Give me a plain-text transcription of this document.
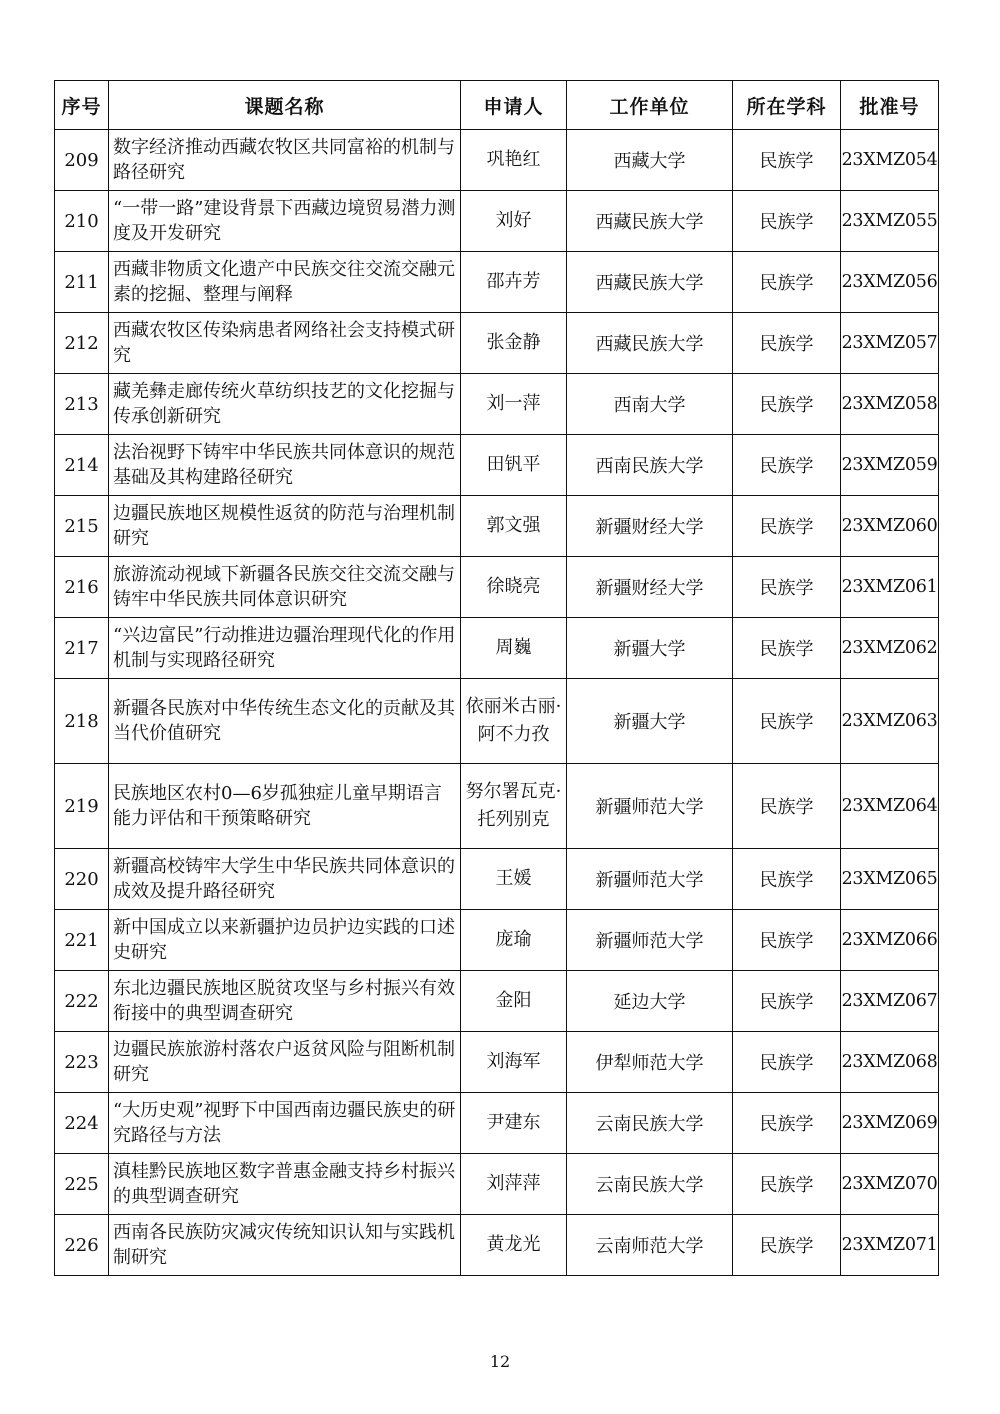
序号	课题名称	申请人	工作单位	所在学科	批准号
209	数字经济推动西藏农牧区共同富裕的机制与路径研究	巩艳红	西藏大学	民族学	23XMZ054
210	“一带一路”建设背景下西藏边境贸易潜力测度及开发研究	刘好	西藏民族大学	民族学	23XMZ055
211	西藏非物质文化遗产中民族交往交流交融元素的挖掘、整理与阐释	邵卉芳	西藏民族大学	民族学	23XMZ056
212	西藏农牧区传染病患者网络社会支持模式研究	张金静	西藏民族大学	民族学	23XMZ057
213	藏羌彝走廊传统火草纺织技艺的文化挖掘与传承创新研究	刘一萍	西南大学	民族学	23XMZ058
214	法治视野下铸牢中华民族共同体意识的规范基础及其构建路径研究	田钒平	西南民族大学	民族学	23XMZ059
215	边疆民族地区规模性返贫的防范与治理机制研究	郭文强	新疆财经大学	民族学	23XMZ060
216	旅游流动视域下新疆各民族交往交流交融与铸牢中华民族共同体意识研究	徐晓亮	新疆财经大学	民族学	23XMZ061
217	“兴边富民”行动推进边疆治理现代化的作用机制与实现路径研究	周巍	新疆大学	民族学	23XMZ062
218	新疆各民族对中华传统生态文化的贡献及其当代价值研究	依丽米古丽·阿不力孜	新疆大学	民族学	23XMZ063
219	民族地区农村0—6岁孤独症儿童早期语言能力评估和干预策略研究	努尔署瓦克·托列别克	新疆师范大学	民族学	23XMZ064
220	新疆高校铸牢大学生中华民族共同体意识的成效及提升路径研究	王媛	新疆师范大学	民族学	23XMZ065
221	新中国成立以来新疆护边员护边实践的口述史研究	庞瑜	新疆师范大学	民族学	23XMZ066
222	东北边疆民族地区脱贫攻坚与乡村振兴有效衔接中的典型调查研究	金阳	延边大学	民族学	23XMZ067
223	边疆民族旅游村落农户返贫风险与阻断机制研究	刘海军	伊犁师范大学	民族学	23XMZ068
224	“大历史观”视野下中国西南边疆民族史的研究路径与方法	尹建东	云南民族大学	民族学	23XMZ069
225	滇桂黔民族地区数字普惠金融支持乡村振兴的典型调查研究	刘萍萍	云南民族大学	民族学	23XMZ070
226	西南各民族防灾减灾传统知识认知与实践机制研究	黄龙光	云南师范大学	民族学	23XMZ071
12
